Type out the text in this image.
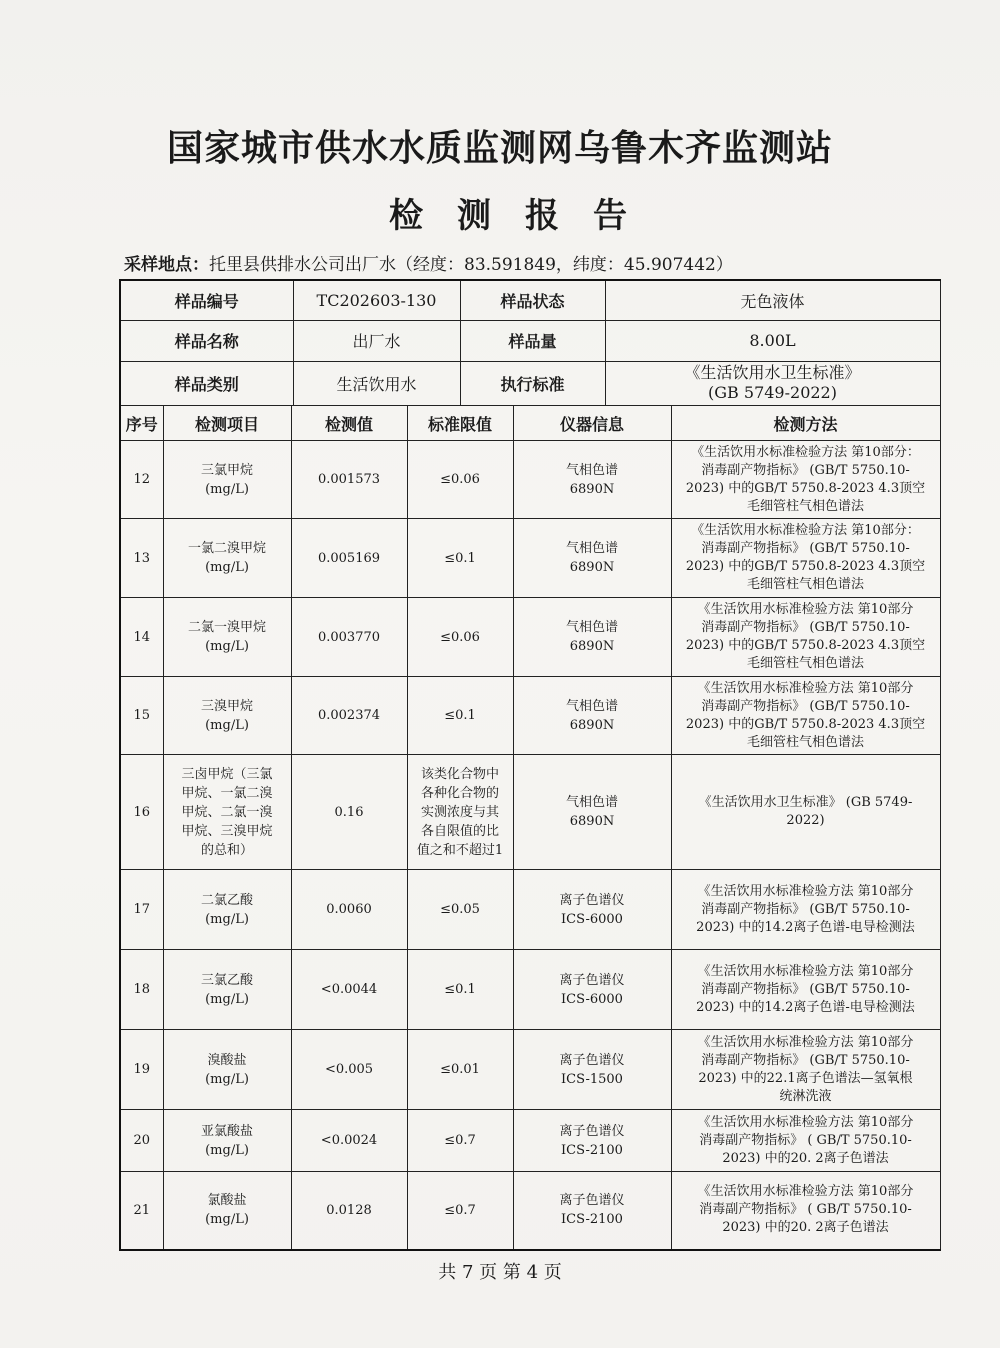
国家城市供水水质监测网乌鲁木齐监测站
检测报告
采样地点：托里县供排水公司出厂水（经度：83.591849，纬度：45.907442）
样品编号	TC202603-130	样品状态	无色液体
样品名称	出厂水	样品量	8.00L
样品类别	生活饮用水	执行标准	《生活饮用水卫生标准》
(GB 5749-2022)
序号	检测项目	检测值	标准限值	仪器信息	检测方法
12	三氯甲烷
(mg/L)	0.001573	≤0.06	气相色谱
6890N	《生活饮用水标准检验方法 第10部分：
消毒副产物指标》 (GB/T 5750.10-
2023) 中的GB/T 5750.8-2023 4.3顶空
毛细管柱气相色谱法
13	一氯二溴甲烷
(mg/L)	0.005169	≤0.1	气相色谱
6890N	《生活饮用水标准检验方法 第10部分：
消毒副产物指标》 (GB/T 5750.10-
2023) 中的GB/T 5750.8-2023 4.3顶空
毛细管柱气相色谱法
14	二氯一溴甲烷
(mg/L)	0.003770	≤0.06	气相色谱
6890N	《生活饮用水标准检验方法 第10部分
消毒副产物指标》 (GB/T 5750.10-
2023) 中的GB/T 5750.8-2023 4.3顶空
毛细管柱气相色谱法
15	三溴甲烷
(mg/L)	0.002374	≤0.1	气相色谱
6890N	《生活饮用水标准检验方法 第10部分
消毒副产物指标》 (GB/T 5750.10-
2023) 中的GB/T 5750.8-2023 4.3顶空
毛细管柱气相色谱法
16	三卤甲烷（三氯
甲烷、一氯二溴
甲烷、二氯一溴
甲烷、三溴甲烷
的总和）	0.16	该类化合物中
各种化合物的
实测浓度与其
各自限值的比
值之和不超过1	气相色谱
6890N	《生活饮用水卫生标准》 (GB 5749-
2022)
17	二氯乙酸
(mg/L)	0.0060	≤0.05	离子色谱仪
ICS-6000	《生活饮用水标准检验方法 第10部分
消毒副产物指标》 (GB/T 5750.10-
2023) 中的14.2离子色谱-电导检测法
18	三氯乙酸
(mg/L)	<0.0044	≤0.1	离子色谱仪
ICS-6000	《生活饮用水标准检验方法 第10部分
消毒副产物指标》 (GB/T 5750.10-
2023) 中的14.2离子色谱-电导检测法
19	溴酸盐
(mg/L)	<0.005	≤0.01	离子色谱仪
ICS-1500	《生活饮用水标准检验方法 第10部分
消毒副产物指标》 (GB/T 5750.10-
2023) 中的22.1离子色谱法—氢氧根
统淋洗液
20	亚氯酸盐
(mg/L)	<0.0024	≤0.7	离子色谱仪
ICS-2100	《生活饮用水标准检验方法 第10部分
消毒副产物指标》 ( GB/T 5750.10-
2023) 中的20. 2离子色谱法
21	氯酸盐
(mg/L)	0.0128	≤0.7	离子色谱仪
ICS-2100	《生活饮用水标准检验方法 第10部分
消毒副产物指标》 ( GB/T 5750.10-
2023) 中的20. 2离子色谱法
共 7 页 第 4 页
